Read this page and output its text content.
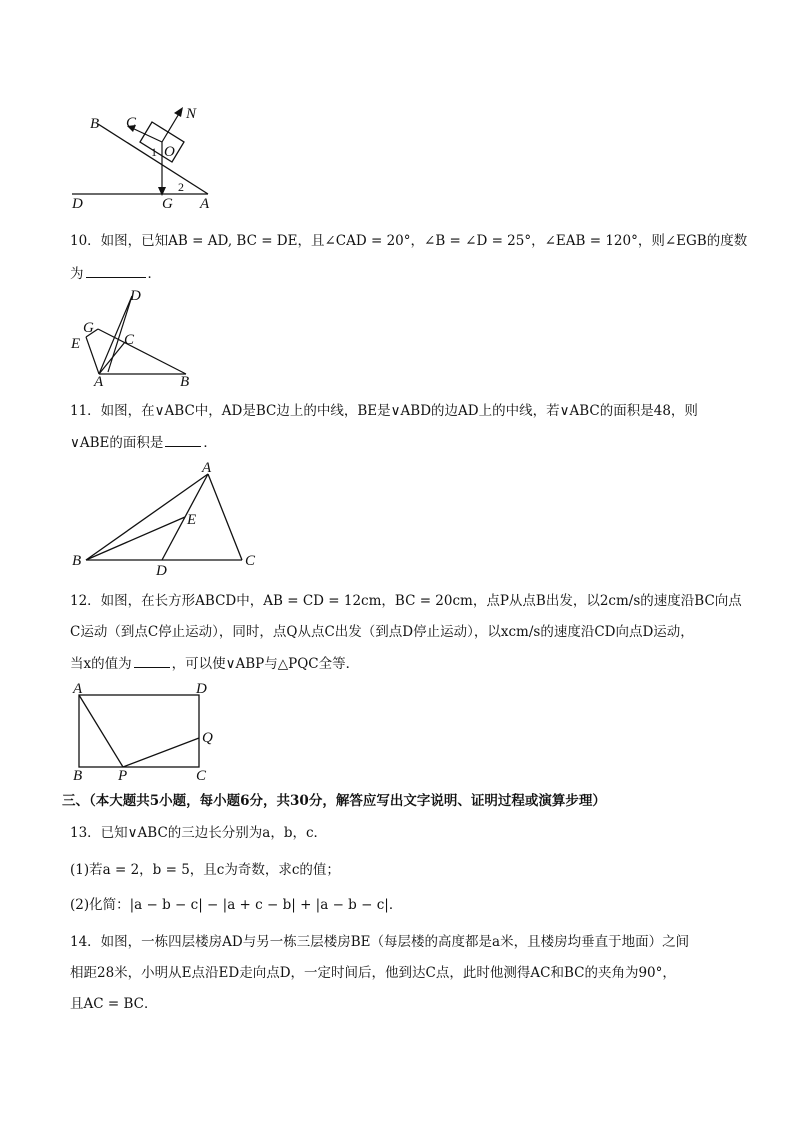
B C
N
O
1
2
D	G A
10．如图，已知AB = AD, BC = DE，且∠CAD = 20°，∠B = ∠D = 25°，∠EAB = 120°，则∠EGB的度数
为	．
D
G
C
E
A	B
11．如图，在∨ABC中，AD是BC边上的中线，BE是∨ABD的边AD上的中线，若∨ABC的面积是48，则
∨ABE的面积是	．
A
E
B
D
C
12．如图，在长方形ABCD中，AB = CD = 12cm，BC = 20cm，点P从点B出发，以2cm/s的速度沿BC向点
C运动（到点C停止运动），同时，点Q从点C出发（到点D停止运动），以xcm/s的速度沿CD向点D运动，
当x的值为	，可以使∨ABP与△PQC全等．
A	D
Q
B P	C
三、（本大题共5小题，每小题6分，共30分，解答应写出文字说明、证明过程或演算步理）
13．已知∨ABC的三边长分别为a，b，c．
(1)若a = 2，b = 5，且c为奇数，求c的值；
(2)化简：|a − b − c| − |a + c − b| + |a − b − c|．
14．如图，一栋四层楼房AD与另一栋三层楼房BE（每层楼的高度都是a米，且楼房均垂直于地面）之间
相距28米，小明从E点沿ED走向点D，一定时间后，他到达C点，此时他测得AC和BC的夹角为90°，
且AC = BC．
